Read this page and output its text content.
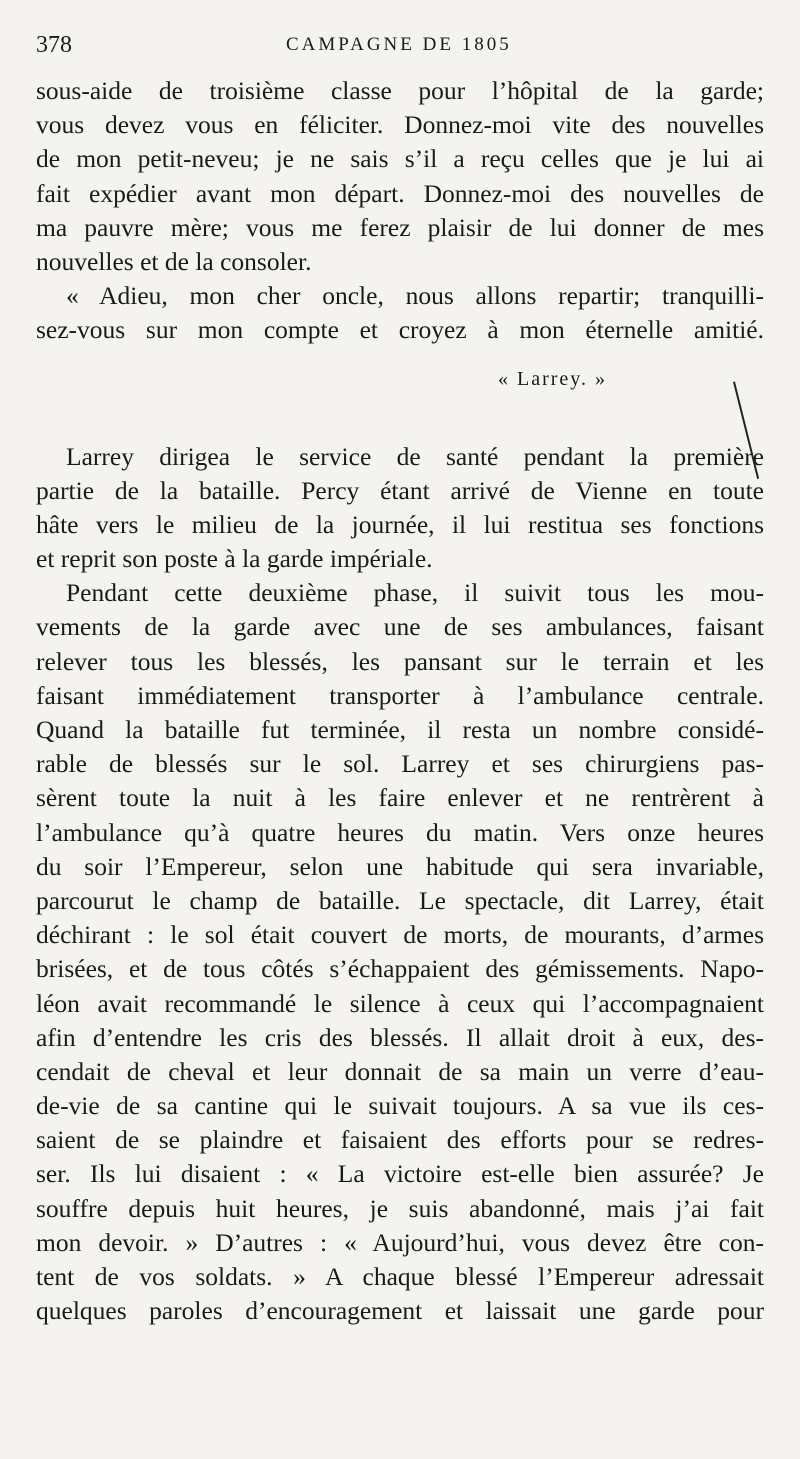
378	CAMPAGNE DE 1805
sous-aide de troisième classe pour l’hôpital de la garde;
vous devez vous en féliciter. Donnez-moi vite des nouvelles
de mon petit-neveu; je ne sais s’il a reçu celles que je lui ai
fait expédier avant mon départ. Donnez-moi des nouvelles de
ma pauvre mère; vous me ferez plaisir de lui donner de mes
nouvelles et de la consoler.
« Adieu, mon cher oncle, nous allons repartir; tranquilli-
sez-vous sur mon compte et croyez à mon éternelle amitié.
« Larrey. »
Larrey dirigea le service de santé pendant la première
partie de la bataille. Percy étant arrivé de Vienne en toute
hâte vers le milieu de la journée, il lui restitua ses fonctions
et reprit son poste à la garde impériale.
Pendant cette deuxième phase, il suivit tous les mou-
vements de la garde avec une de ses ambulances, faisant
relever tous les blessés, les pansant sur le terrain et les
faisant immédiatement transporter à l’ambulance centrale.
Quand la bataille fut terminée, il resta un nombre considé-
rable de blessés sur le sol. Larrey et ses chirurgiens pas-
sèrent toute la nuit à les faire enlever et ne rentrèrent à
l’ambulance qu’à quatre heures du matin. Vers onze heures
du soir l’Empereur, selon une habitude qui sera invariable,
parcourut le champ de bataille. Le spectacle, dit Larrey, était
déchirant : le sol était couvert de morts, de mourants, d’armes
brisées, et de tous côtés s’échappaient des gémissements. Napo-
léon avait recommandé le silence à ceux qui l’accompagnaient
afin d’entendre les cris des blessés. Il allait droit à eux, des-
cendait de cheval et leur donnait de sa main un verre d’eau-
de-vie de sa cantine qui le suivait toujours. A sa vue ils ces-
saient de se plaindre et faisaient des efforts pour se redres-
ser. Ils lui disaient : « La victoire est-elle bien assurée? Je
souffre depuis huit heures, je suis abandonné, mais j’ai fait
mon devoir. » D’autres : « Aujourd’hui, vous devez être con-
tent de vos soldats. » A chaque blessé l’Empereur adressait
quelques paroles d’encouragement et laissait une garde pour
